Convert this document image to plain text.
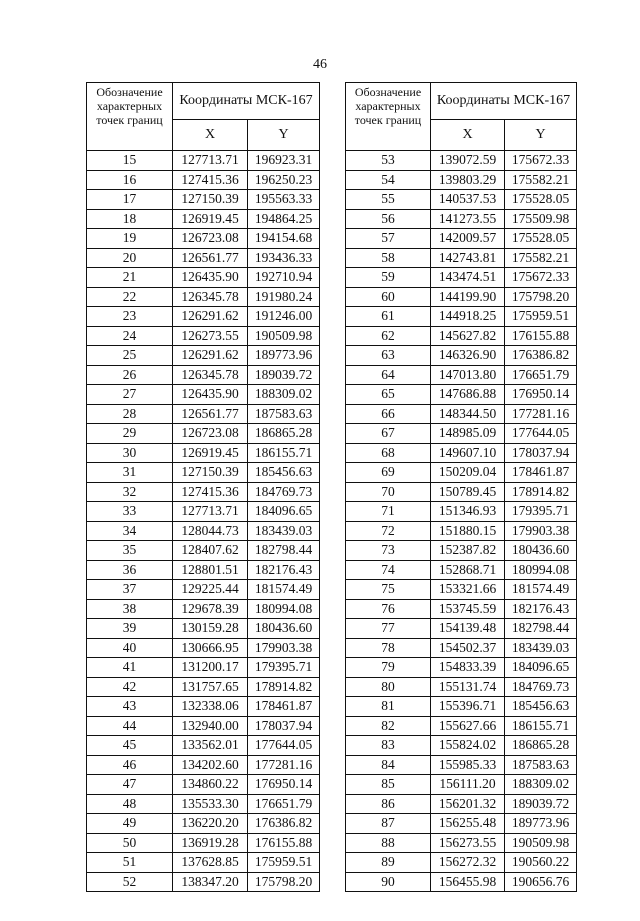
46
Обозначение характерных точек границ	Координаты МСК-167	
	X	Y
15	127713.71	196923.31
16	127415.36	196250.23
17	127150.39	195563.33
18	126919.45	194864.25
19	126723.08	194154.68
20	126561.77	193436.33
21	126435.90	192710.94
22	126345.78	191980.24
23	126291.62	191246.00
24	126273.55	190509.98
25	126291.62	189773.96
26	126345.78	189039.72
27	126435.90	188309.02
28	126561.77	187583.63
29	126723.08	186865.28
30	126919.45	186155.71
31	127150.39	185456.63
32	127415.36	184769.73
33	127713.71	184096.65
34	128044.73	183439.03
35	128407.62	182798.44
36	128801.51	182176.43
37	129225.44	181574.49
38	129678.39	180994.08
39	130159.28	180436.60
40	130666.95	179903.38
41	131200.17	179395.71
42	131757.65	178914.82
43	132338.06	178461.87
44	132940.00	178037.94
45	133562.01	177644.05
46	134202.60	177281.16
47	134860.22	176950.14
48	135533.30	176651.79
49	136220.20	176386.82
50	136919.28	176155.88
51	137628.85	175959.51
52	138347.20	175798.20
Обозначение характерных точек границ	Координаты МСК-167	
	X	Y
53	139072.59	175672.33
54	139803.29	175582.21
55	140537.53	175528.05
56	141273.55	175509.98
57	142009.57	175528.05
58	142743.81	175582.21
59	143474.51	175672.33
60	144199.90	175798.20
61	144918.25	175959.51
62	145627.82	176155.88
63	146326.90	176386.82
64	147013.80	176651.79
65	147686.88	176950.14
66	148344.50	177281.16
67	148985.09	177644.05
68	149607.10	178037.94
69	150209.04	178461.87
70	150789.45	178914.82
71	151346.93	179395.71
72	151880.15	179903.38
73	152387.82	180436.60
74	152868.71	180994.08
75	153321.66	181574.49
76	153745.59	182176.43
77	154139.48	182798.44
78	154502.37	183439.03
79	154833.39	184096.65
80	155131.74	184769.73
81	155396.71	185456.63
82	155627.66	186155.71
83	155824.02	186865.28
84	155985.33	187583.63
85	156111.20	188309.02
86	156201.32	189039.72
87	156255.48	189773.96
88	156273.55	190509.98
89	156272.32	190560.22
90	156455.98	190656.76
